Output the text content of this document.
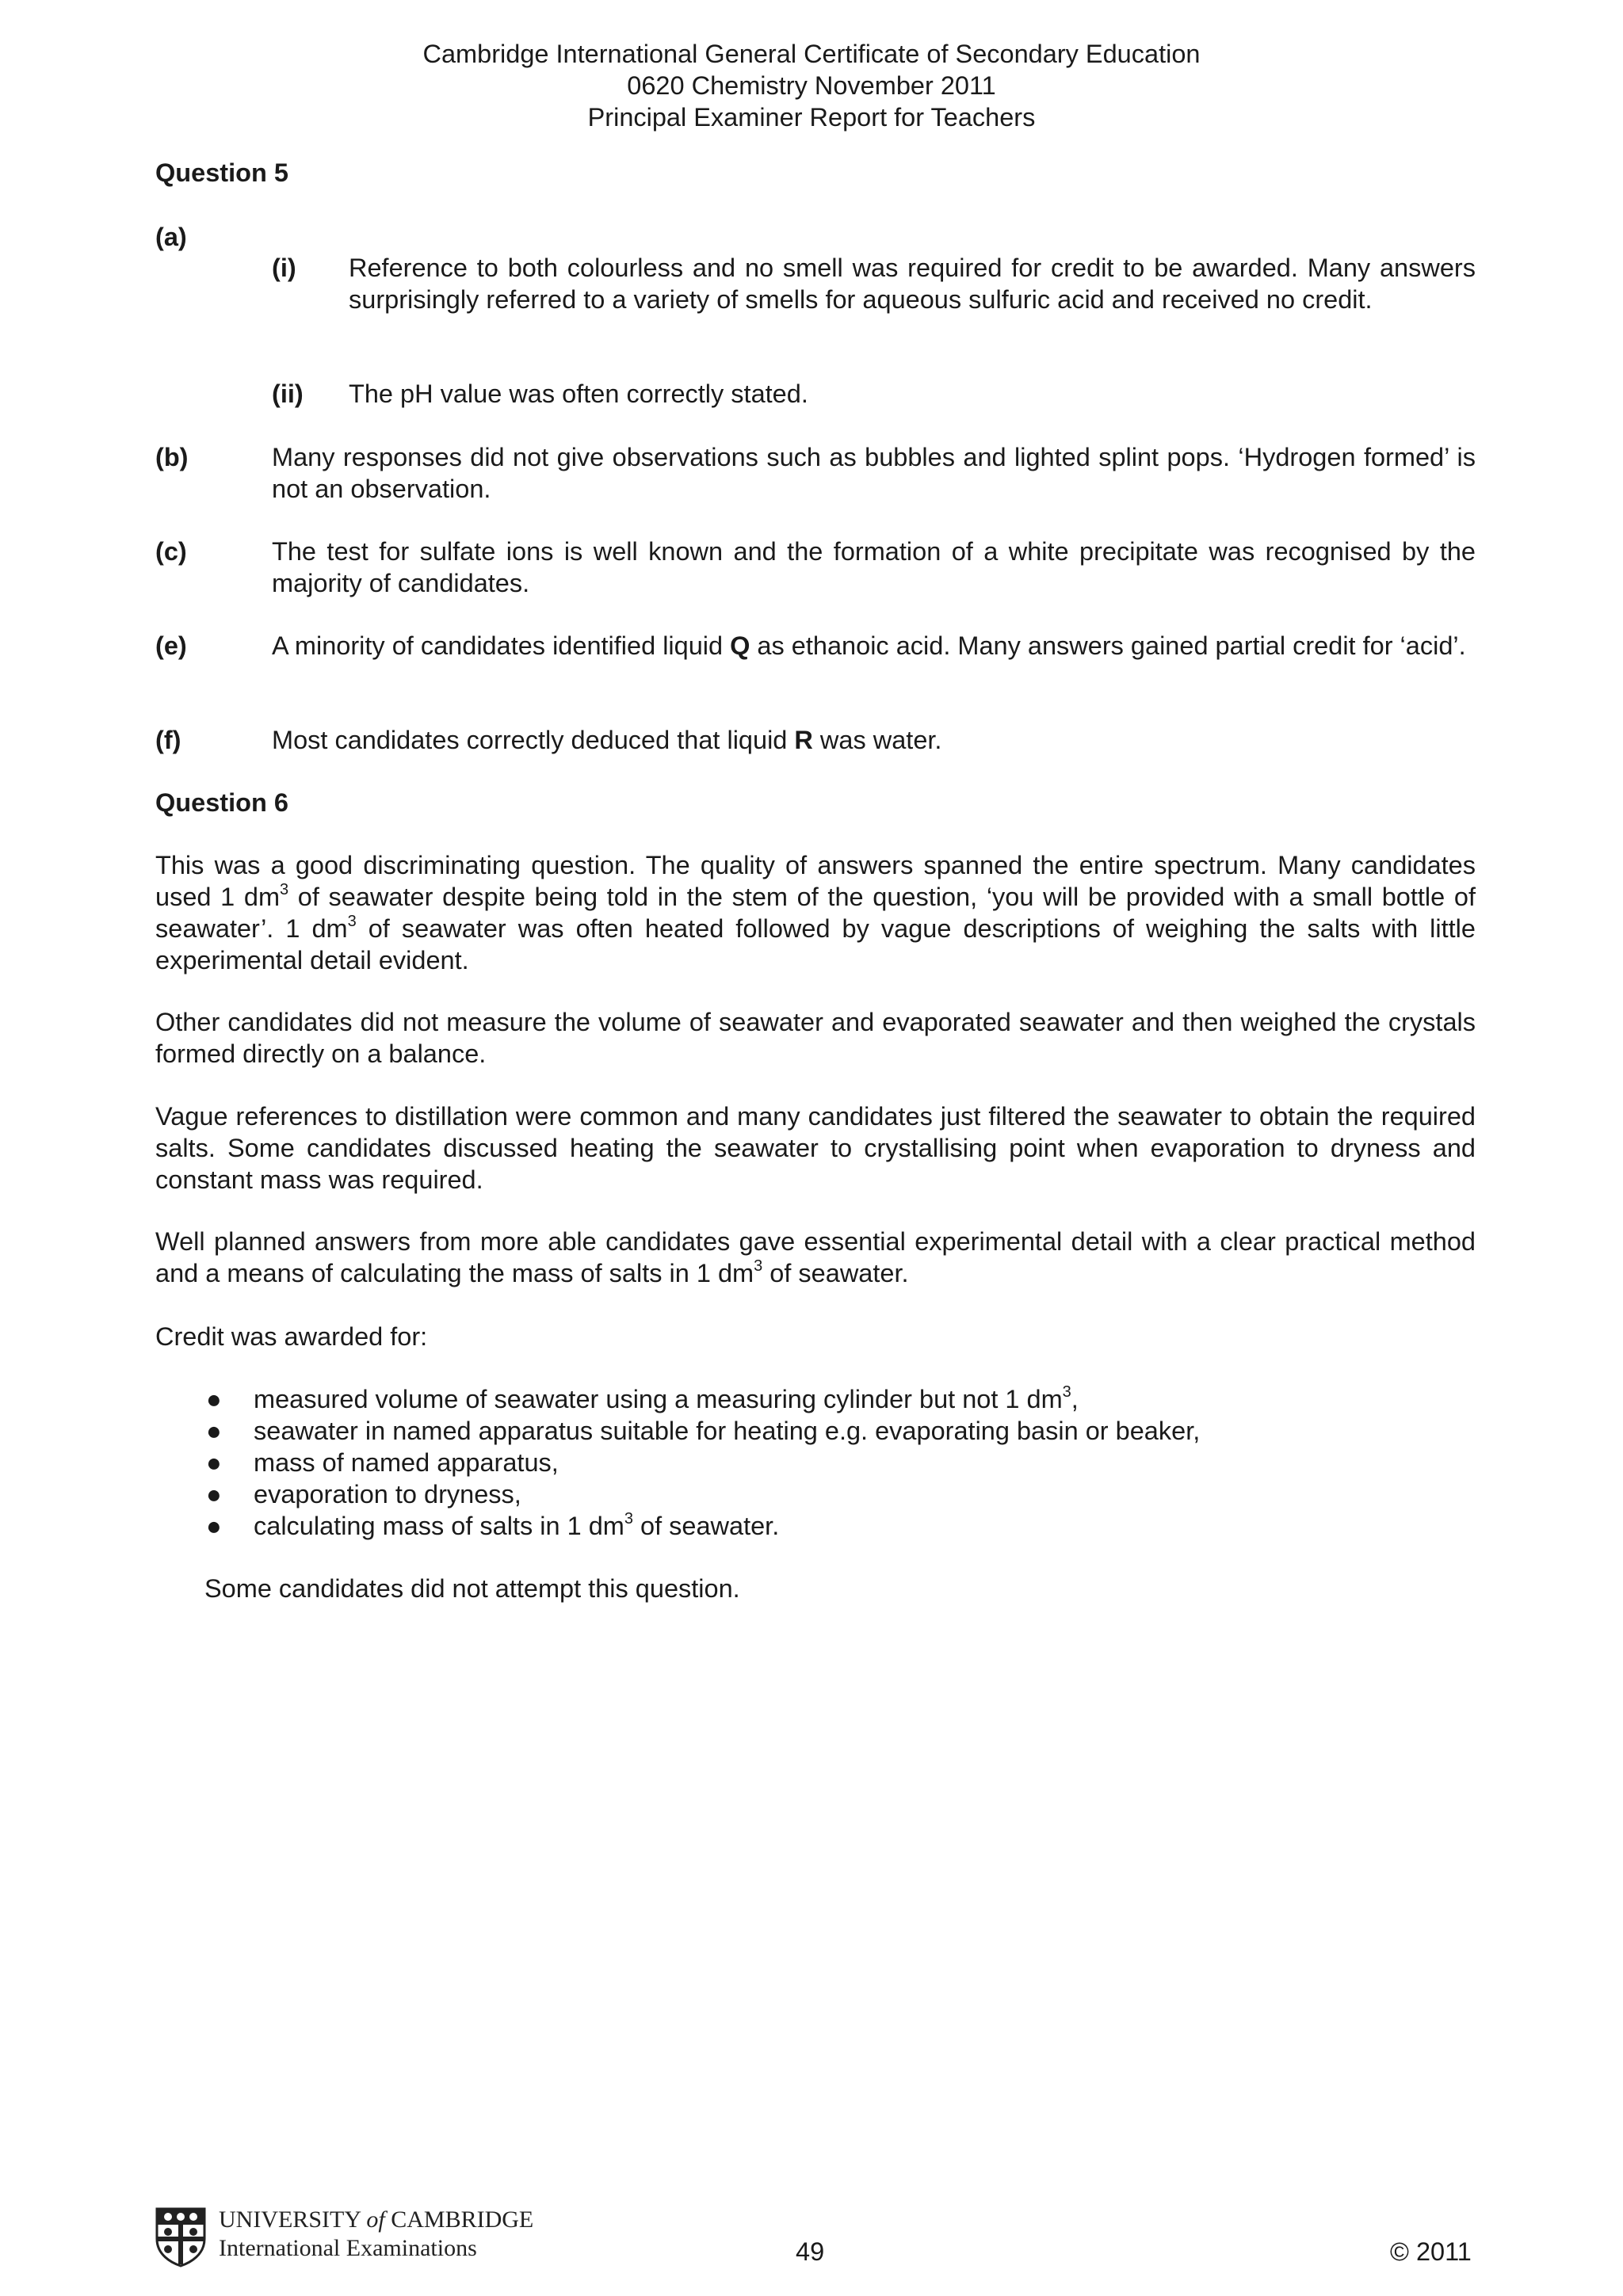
Cambridge International General Certificate of Secondary Education
0620 Chemistry November 2011
Principal Examiner Report for Teachers
Question 5
(a)
(i) Reference to both colourless and no smell was required for credit to be awarded. Many answers surprisingly referred to a variety of smells for aqueous sulfuric acid and received no credit.
(ii) The pH value was often correctly stated.
(b)	Many responses did not give observations such as bubbles and lighted splint pops. ‘Hydrogen formed’ is not an observation.
(c)	The test for sulfate ions is well known and the formation of a white precipitate was recognised by the majority of candidates.
(e)	A minority of candidates identified liquid Q as ethanoic acid. Many answers gained partial credit for ‘acid’.
(f)	Most candidates correctly deduced that liquid R was water.
Question 6
This was a good discriminating question. The quality of answers spanned the entire spectrum. Many candidates used 1 $dm^3$ of seawater despite being told in the stem of the question, ‘you will be provided with a small bottle of seawater’. 1 $dm^3$ of seawater was often heated followed by vague descriptions of weighing the salts with little experimental detail evident.
Other candidates did not measure the volume of seawater and evaporated seawater and then weighed the crystals formed directly on a balance.
Vague references to distillation were common and many candidates just filtered the seawater to obtain the required salts. Some candidates discussed heating the seawater to crystallising point when evaporation to dryness and constant mass was required.
Well planned answers from more able candidates gave essential experimental detail with a clear practical method and a means of calculating the mass of salts in 1 $dm^3$ of seawater.
Credit was awarded for:
● measured volume of seawater using a measuring cylinder but not 1 $dm^3$,
● seawater in named apparatus suitable for heating e.g. evaporating basin or beaker,
● mass of named apparatus,
● evaporation to dryness,
● calculating mass of salts in 1 $dm^3$ of seawater.
Some candidates did not attempt this question.
UNIVERSITY of CAMBRIDGE
International Examinations	49	© 2011
